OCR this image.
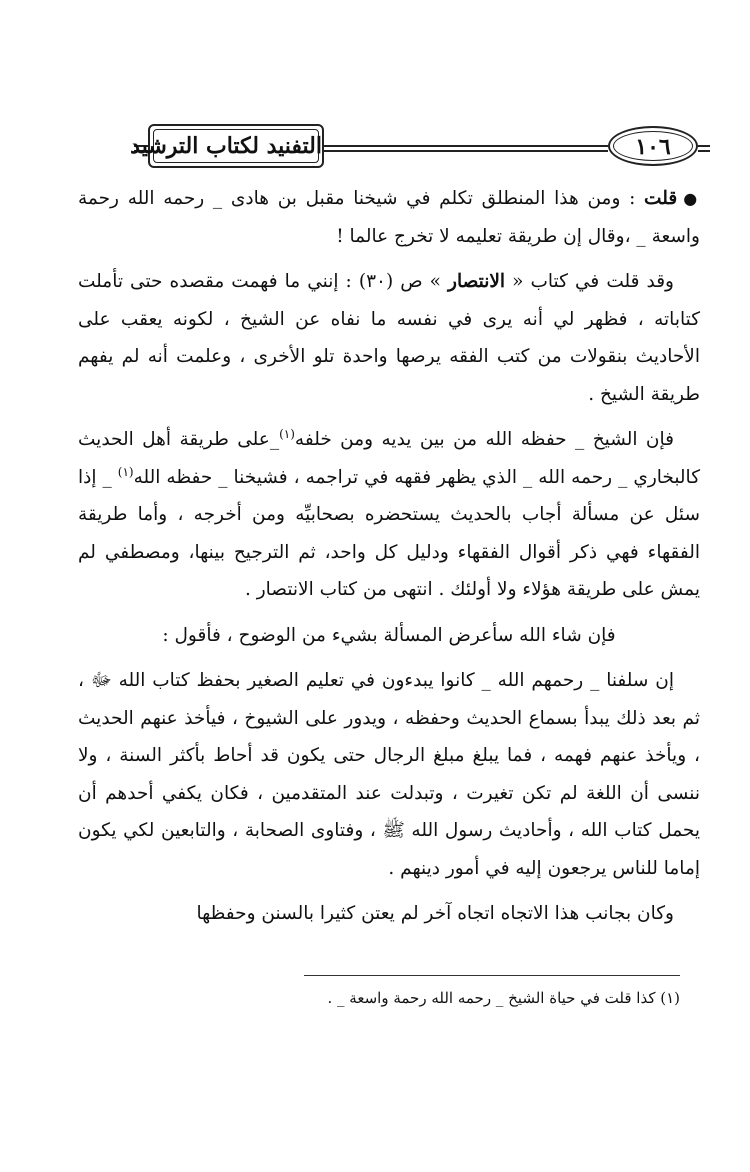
التفنيد لكتاب الترشيد	١٠٦

●قلت : ومن هذا المنطلق تكلم في شيخنا مقبل بن هادى _ رحمه الله رحمة واسعة _ ،وقال إن طريقة تعليمه لا تخرج عالما !

وقد قلت في كتاب « الانتصار » ص (٣٠) : إنني ما فهمت مقصده حتى تأملت كتاباته ، فظهر لي أنه يرى في نفسه ما نفاه عن الشيخ ، لكونه يعقب على الأحاديث بنقولات من كتب الفقه يرصها واحدة تلو الأخرى ، وعلمت أنه لم يفهم طريقة الشيخ .

فإن الشيخ _ حفظه الله من بين يديه ومن خلفه$^{(١)}$_على طريقة أهل الحديث كالبخاري _ رحمه الله _ الذي يظهر فقهه في تراجمه ، فشيخنا _ حفظه الله$^{(١)}$ _ إذا سئل عن مسألة أجاب بالحديث يستحضره بصحابيِّه ومن أخرجه ، وأما طريقة الفقهاء فهي ذكر أقوال الفقهاء ودليل كل واحد، ثم الترجيح بينها، ومصطفي لم يمش على طريقة هؤلاء ولا أولئك . انتهى من كتاب الانتصار .

فإن شاء الله سأعرض المسألة بشيء من الوضوح ، فأقول :

إن سلفنا _ رحمهم الله _ كانوا يبدءون في تعليم الصغير بحفظ كتاب الله ﷻ ، ثم بعد ذلك يبدأ بسماع الحديث وحفظه ، ويدور على الشيوخ ، فيأخذ عنهم الحديث ، ويأخذ عنهم فهمه ، فما يبلغ مبلغ الرجال حتى يكون قد أحاط بأكثر السنة ، ولا ننسى أن اللغة لم تكن تغيرت ، وتبدلت عند المتقدمين ، فكان يكفي أحدهم أن يحمل كتاب الله ، وأحاديث رسول الله ﷺ ، وفتاوى الصحابة ، والتابعين لكي يكون إماما للناس يرجعون إليه في أمور دينهم .

وكان بجانب هذا الاتجاه اتجاه آخر لم يعتن كثيرا بالسنن وحفظها

(١) كذا قلت في حياة الشيخ _ رحمه الله رحمة واسعة _ .
